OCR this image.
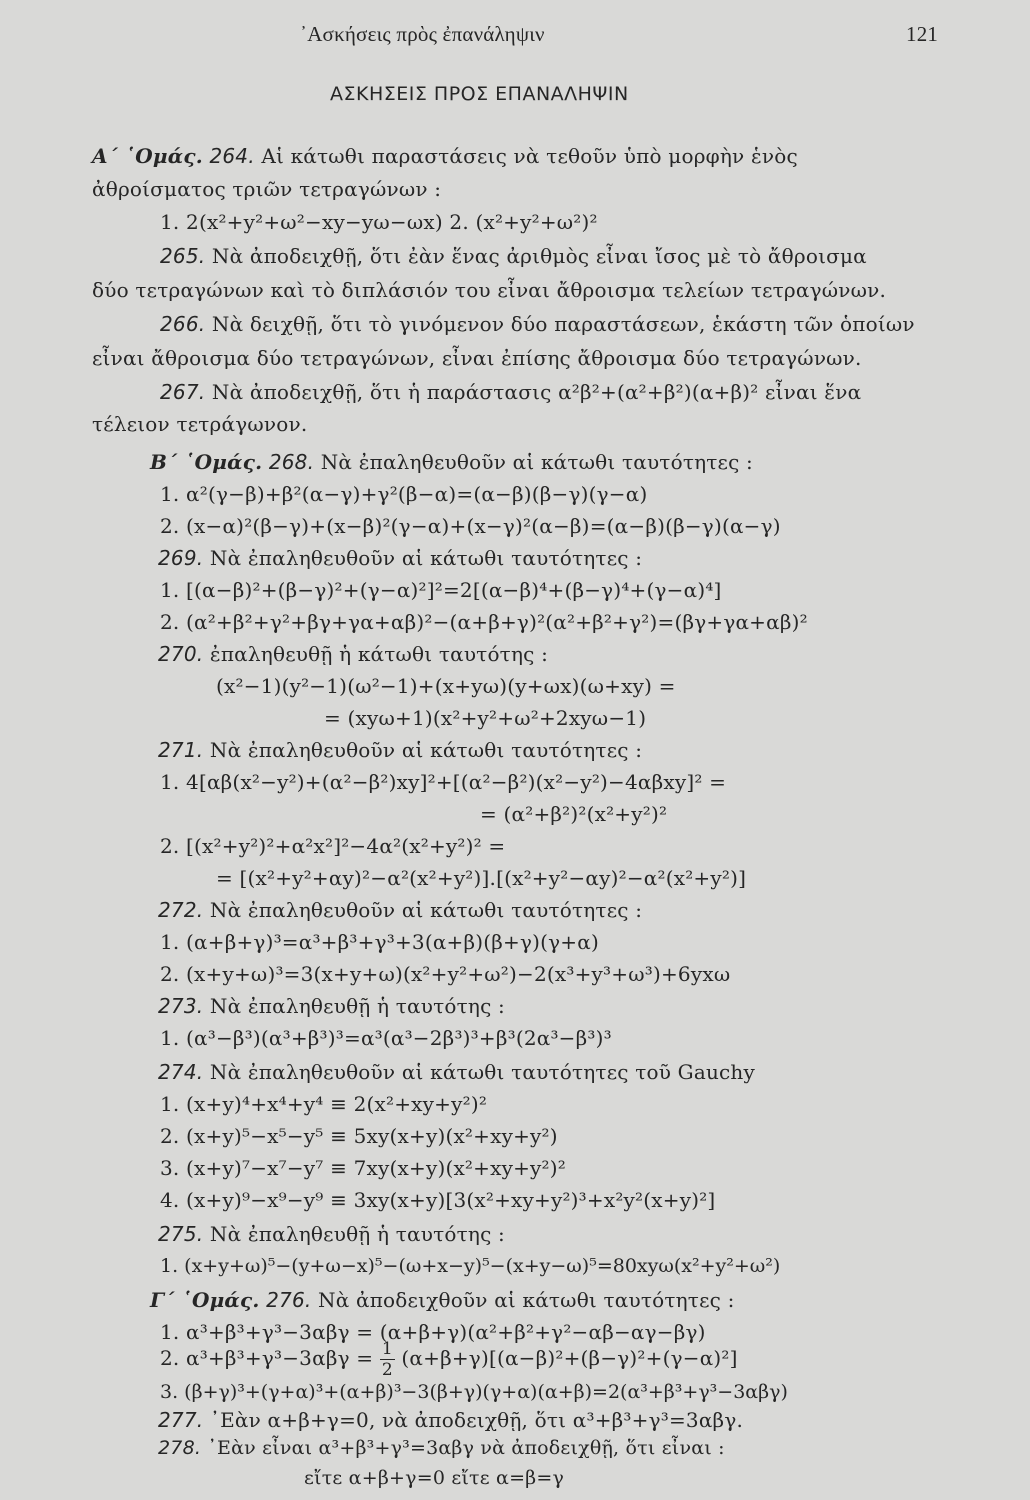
᾿Ασκήσεις πρὸς ἐπανάληψιν	121
ΑΣΚΗΣΕΙΣ ΠΡΟΣ ΕΠΑΝΑΛΗΨΙΝ
Α΄ ῾Ομάς. 264. Αἱ κάτωθι παραστάσεις νὰ τεθοῦν ὑπὸ μορφὴν ἑνὸς
ἀθροίσματος τριῶν τετραγώνων :
1. 2(x²+y²+ω²−xy−yω−ωx) 2. (x²+y²+ω²)²
265. Νὰ ἀποδειχθῇ, ὅτι ἐὰν ἕνας ἀριθμὸς εἶναι ἴσος μὲ τὸ ἄθροισμα
δύο τετραγώνων καὶ τὸ διπλάσιόν του εἶναι ἄθροισμα τελείων τετραγώνων.
266. Νὰ δειχθῇ, ὅτι τὸ γινόμενον δύο παραστάσεων, ἑκάστη τῶν ὁποίων
εἶναι ἄθροισμα δύο τετραγώνων, εἶναι ἐπίσης ἄθροισμα δύο τετραγώνων.
267. Νὰ ἀποδειχθῇ, ὅτι ἡ παράστασις α²β²+(α²+β²)(α+β)² εἶναι ἕνα
τέλειον τετράγωνον.
Β΄ ῾Ομάς. 268. Νὰ ἐπαληθευθοῦν αἱ κάτωθι ταυτότητες :
1. α²(γ−β)+β²(α−γ)+γ²(β−α)=(α−β)(β−γ)(γ−α)
2. (x−α)²(β−γ)+(x−β)²(γ−α)+(x−γ)²(α−β)=(α−β)(β−γ)(α−γ)
269. Νὰ ἐπαληθευθοῦν αἱ κάτωθι ταυτότητες :
1. [(α−β)²+(β−γ)²+(γ−α)²]²=2[(α−β)⁴+(β−γ)⁴+(γ−α)⁴]
2. (α²+β²+γ²+βγ+γα+αβ)²−(α+β+γ)²(α²+β²+γ²)=(βγ+γα+αβ)²
270. ἐπαληθευθῇ ἡ κάτωθι ταυτότης :
(x²−1)(y²−1)(ω²−1)+(x+yω)(y+ωx)(ω+xy) =
= (xyω+1)(x²+y²+ω²+2xyω−1)
271. Νὰ ἐπαληθευθοῦν αἱ κάτωθι ταυτότητες :
1. 4[αβ(x²−y²)+(α²−β²)xy]²+[(α²−β²)(x²−y²)−4αβxy]² =
= (α²+β²)²(x²+y²)²
2. [(x²+y²)²+α²x²]²−4α²(x²+y²)² =
= [(x²+y²+αy)²−α²(x²+y²)].[(x²+y²−αy)²−α²(x²+y²)]
272. Νὰ ἐπαληθευθοῦν αἱ κάτωθι ταυτότητες :
1. (α+β+γ)³=α³+β³+γ³+3(α+β)(β+γ)(γ+α)
2. (x+y+ω)³=3(x+y+ω)(x²+y²+ω²)−2(x³+y³+ω³)+6yxω
273. Νὰ ἐπαληθευθῇ ἡ ταυτότης :
1. (α³−β³)(α³+β³)³=α³(α³−2β³)³+β³(2α³−β³)³
274. Νὰ ἐπαληθευθοῦν αἱ κάτωθι ταυτότητες τοῦ Gauchy
1. (x+y)⁴+x⁴+y⁴ ≡ 2(x²+xy+y²)²
2. (x+y)⁵−x⁵−y⁵ ≡ 5xy(x+y)(x²+xy+y²)
3. (x+y)⁷−x⁷−y⁷ ≡ 7xy(x+y)(x²+xy+y²)²
4. (x+y)⁹−x⁹−y⁹ ≡ 3xy(x+y)[3(x²+xy+y²)³+x²y²(x+y)²]
275. Νὰ ἐπαληθευθῇ ἡ ταυτότης :
1. (x+y+ω)⁵−(y+ω−x)⁵−(ω+x−y)⁵−(x+y−ω)⁵=80xyω(x²+y²+ω²)
Γ΄ ῾Ομάς. 276. Νὰ ἀποδειχθοῦν αἱ κάτωθι ταυτότητες :
1. α³+β³+γ³−3αβγ = (α+β+γ)(α²+β²+γ²−αβ−αγ−βγ)
2. $\alpha^3+\beta^3+\gamma^3-3\alpha\beta\gamma = \frac{1}{2} (\alpha+\beta+\gamma)[(\alpha-\beta)^2+(\beta-\gamma)^2+(\gamma-\alpha)^2]$
3. (β+γ)³+(γ+α)³+(α+β)³−3(β+γ)(γ+α)(α+β)=2(α³+β³+γ³−3αβγ)
277. ᾿Εὰν α+β+γ=0, νὰ ἀποδειχθῇ, ὅτι α³+β³+γ³=3αβγ.
278. ᾿Εὰν εἶναι α³+β³+γ³=3αβγ νὰ ἀποδειχθῇ, ὅτι εἶναι :
εἴτε α+β+γ=0 εἴτε α=β=γ
